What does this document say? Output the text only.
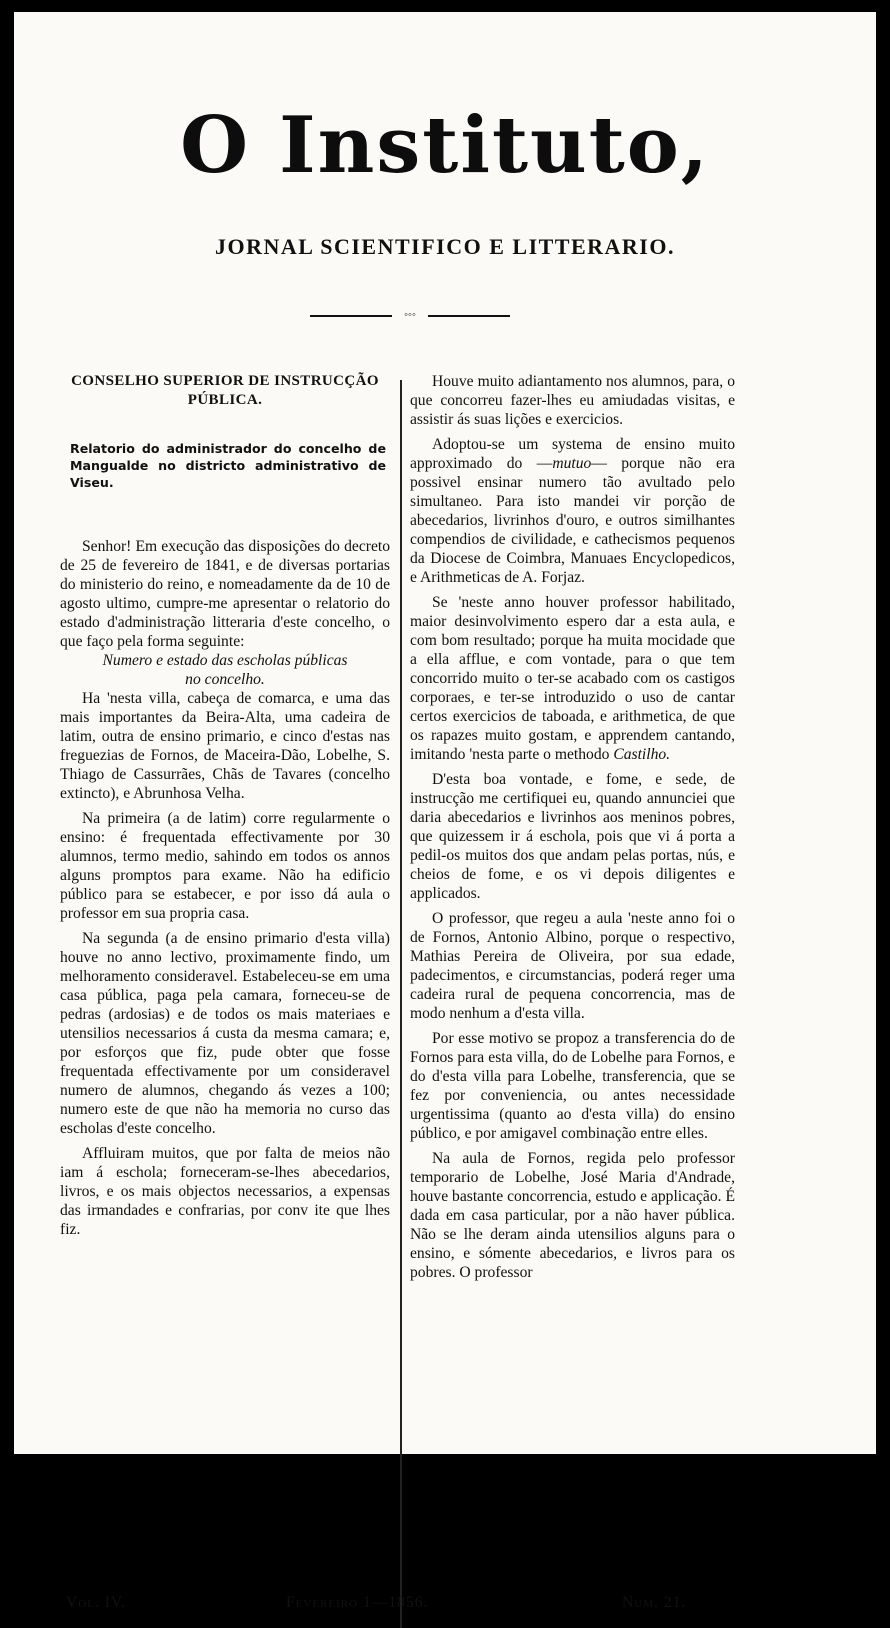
O Instituto,
JORNAL SCIENTIFICO E LITTERARIO.
◦◦◦
CONSELHO SUPERIOR DE INSTRUCÇÃO PÚBLICA.
Relatorio do administrador do concelho de Mangualde no districto administrativo de Viseu.

Senhor! Em execução das disposições do decreto de 25 de fevereiro de 1841, e de diversas portarias do ministerio do reino, e nomeadamente da de 10 de agosto ultimo, cumpre-me apresentar o relatorio do estado d'administração litteraria d'este concelho, o que faço pela forma seguinte:

Numero e estado das escholas públicas
no concelho.

Ha 'nesta villa, cabeça de comarca, e uma das mais importantes da Beira-Alta, uma cadeira de latim, outra de ensino primario, e cinco d'estas nas freguezias de Fornos, de Maceira-Dão, Lobelhe, S. Thiago de Cassurrães, Chãs de Tavares (concelho extincto), e Abrunhosa Velha.

Na primeira (a de latim) corre regularmente o ensino: é frequentada effectivamente por 30 alumnos, termo medio, sahindo em todos os annos alguns promptos para exame. Não ha edificio público para se estabecer, e por isso dá aula o professor em sua propria casa.

Na segunda (a de ensino primario d'esta villa) houve no anno lectivo, proximamente findo, um melhoramento consideravel. Estabeleceu-se em uma casa pública, paga pela camara, forneceu-se de pedras (ardosias) e de todos os mais materiaes e utensilios necessarios á custa da mesma camara; e, por esforços que fiz, pude obter que fosse frequentada effectivamente por um consideravel numero de alumnos, chegando ás vezes a 100; numero este de que não ha memoria no curso das escholas d'este concelho.

Affluiram muitos, que por falta de meios não iam á eschola; forneceram-se-lhes abecedarios, livros, e os mais objectos necessarios, a expensas das irmandades e confrarias, por conv ite que lhes fiz.

Houve muito adiantamento nos alumnos, para, o que concorreu fazer-lhes eu amiudadas visitas, e assistir ás suas lições e exercicios.

Adoptou-se um systema de ensino muito approximado do —mutuo— porque não era possivel ensinar numero tão avultado pelo simultaneo. Para isto mandei vir porção de abecedarios, livrinhos d'ouro, e outros similhantes compendios de civilidade, e cathecismos pequenos da Diocese de Coimbra, Manuaes Encyclopedicos, e Arithmeticas de A. Forjaz.

Se 'neste anno houver professor habilitado, maior desinvolvimento espero dar a esta aula, e com bom resultado; porque ha muita mocidade que a ella afflue, e com vontade, para o que tem concorrido muito o ter-se acabado com os castigos corporaes, e ter-se introduzido o uso de cantar certos exercicios de taboada, e arithmetica, de que os rapazes muito gostam, e apprendem cantando, imitando 'nesta parte o methodo Castilho.

D'esta boa vontade, e fome, e sede, de instrucção me certifiquei eu, quando annunciei que daria abecedarios e livrinhos aos meninos pobres, que quizessem ir á eschola, pois que vi á porta a pedil-os muitos dos que andam pelas portas, nús, e cheios de fome, e os vi depois diligentes e applicados.

O professor, que regeu a aula 'neste anno foi o de Fornos, Antonio Albino, porque o respectivo, Mathias Pereira de Oliveira, por sua edade, padecimentos, e circumstancias, poderá reger uma cadeira rural de pequena concorrencia, mas de modo nenhum a d'esta villa.

Por esse motivo se propoz a transferencia do de Fornos para esta villa, do de Lobelhe para Fornos, e do d'esta villa para Lobelhe, transferencia, que se fez por conveniencia, ou antes necessidade urgentissima (quanto ao d'esta villa) do ensino público, e por amigavel combinação entre elles.

Na aula de Fornos, regida pelo professor temporario de Lobelhe, José Maria d'Andrade, houve bastante concorrencia, estudo e applicação. É dada em casa particular, por a não haver pública. Não se lhe deram ainda utensilios alguns para o ensino, e sómente abecedarios, e livros para os pobres. O professor

Vol. IV.	Fevereiro 1—1856.	Num. 21.
